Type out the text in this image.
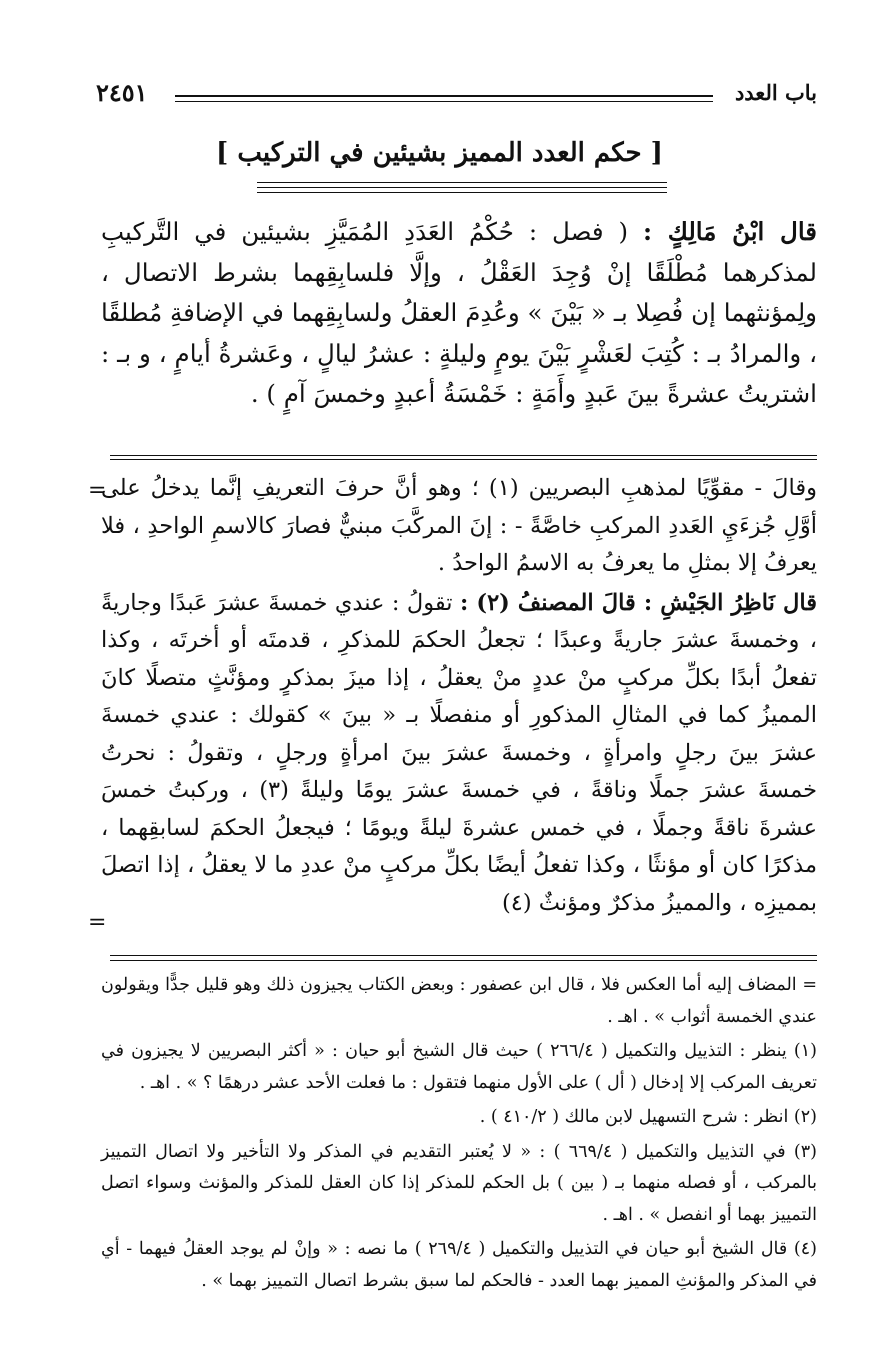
باب العدد
٢٤٥١
[ حكم العدد المميز بشيئين في التركيب ]

قال ابْنُ مَالِكٍ : ( فصل : حُكْمُ العَدَدِ المُمَيَّزِ بشيئين في التَّركيبِ لمذكرهما مُطْلَقًا إنْ وُجِدَ العَقْلُ ، وإلَّا فلسابِقِهما بشرط الاتصال ، ولِمؤنثهما إن فُصِلا بـ « بَيْنَ » وعُدِمَ العقلُ ولسابِقِهما في الإضافةِ مُطلقًا ، والمرادُ بـ : كُتِبَ لعَشْرٍ بَيْنَ يومٍ وليلةٍ : عشرُ ليالٍ ، وعَشرةُ أيامٍ ، و بـ : اشتريتُ عشرةً بينَ عَبدٍ وأَمَةٍ : خَمْسَةُ أعبدٍ وخمسَ آمٍ ) .

=

وقالَ - مقوِّيًا لمذهبِ البصريين (١) ؛ وهو أنَّ حرفَ التعريفِ إنَّما يدخلُ على أوَّلِ جُزءَيِ العَددِ المركبِ خاصَّةً - : إنَ المركَّبَ مبنيٌّ فصارَ كالاسمِ الواحدِ ، فلا يعرفُ إلا بمثلِ ما يعرفُ به الاسمُ الواحدُ .

قال نَاظِرُ الجَيْشِ : قالَ المصنفُ (٢) : تقولُ : عندي خمسةَ عشرَ عَبدًا وجاريةً ، وخمسةَ عشرَ جاريةً وعبدًا ؛ تجعلُ الحكمَ للمذكرِ ، قدمتَه أو أخرتَه ، وكذا تفعلُ أبدًا بكلِّ مركبٍ منْ عددٍ منْ يعقلُ ، إذا ميزَ بمذكرٍ ومؤنَّثٍ متصلًا كانَ المميزُ كما في المثالِ المذكورِ أو منفصلًا بـ « بينَ » كقولك : عندي خمسةَ عشرَ بينَ رجلٍ وامرأةٍ ، وخمسةَ عشرَ بينَ امرأةٍ ورجلٍ ، وتقولُ : نحرتُ خمسةَ عشرَ جملًا وناقةً ، في خمسةَ عشرَ يومًا وليلةً (٣) ، وركبتُ خمسَ عشرةَ ناقةً وجملًا ، في خمس عشرةَ ليلةً ويومًا ؛ فيجعلُ الحكمَ لسابقِهما ، مذكرًا كان أو مؤنثًا ، وكذا تفعلُ أيضًا بكلِّ مركبٍ منْ عددِ ما لا يعقلُ ، إذا اتصلَ بمميزِه ، والمميزُ مذكرٌ ومؤنثٌ (٤)

=

= المضاف إليه أما العكس فلا ، قال ابن عصفور : وبعض الكتاب يجيزون ذلك وهو قليل جدًّا ويقولون عندي الخمسة أثواب » . اهـ .

(١) ينظر : التذييل والتكميل ( ٢٦٦/٤ ) حيث قال الشيخ أبو حيان : « أكثر البصريين لا يجيزون في تعريف المركب إلا إدخال ( أل ) على الأول منهما فتقول : ما فعلت الأحد عشر درهمًا ؟ » . اهـ .

(٢) انظر : شرح التسهيل لابن مالك ( ٤١٠/٢ ) .

(٣) في التذييل والتكميل ( ٦٦٩/٤ ) : « لا يُعتبر التقديم في المذكر ولا التأخير ولا اتصال التمييز بالمركب ، أو فصله منهما بـ ( بين ) بل الحكم للمذكر إذا كان العقل للمذكر والمؤنث وسواء اتصل التمييز بهما أو انفصل » . اهـ .

(٤) قال الشيخ أبو حيان في التذييل والتكميل ( ٢٦٩/٤ ) ما نصه : « وإنْ لم يوجد العقلُ فيهما - أي في المذكر والمؤنثِ المميز بهما العدد - فالحكم لما سبق بشرط اتصال التمييز بهما » .
